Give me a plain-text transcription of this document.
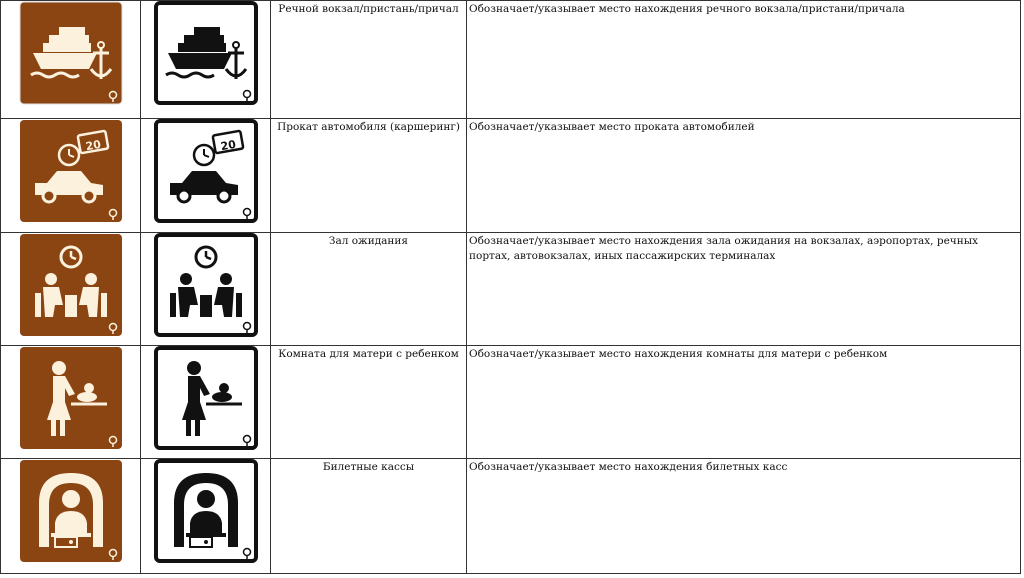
Речной вокзал/пристань/причал	Обозначает/указывает место нахождения речного вокзала/пристани/причала

20	20	Прокат автомобиля (каршеринг)	Обозначает/указывает место проката автомобилей

Зал ожидания	Обозначает/указывает место нахождения зала ожидания на вокзалах, аэропортах, речных портах, автовокзалах, иных пассажирских терминалах

Комната для матери с ребенком	Обозначает/указывает место нахождения комнаты для матери с ребенком

Билетные кассы	Обозначает/указывает место нахождения билетных касс
